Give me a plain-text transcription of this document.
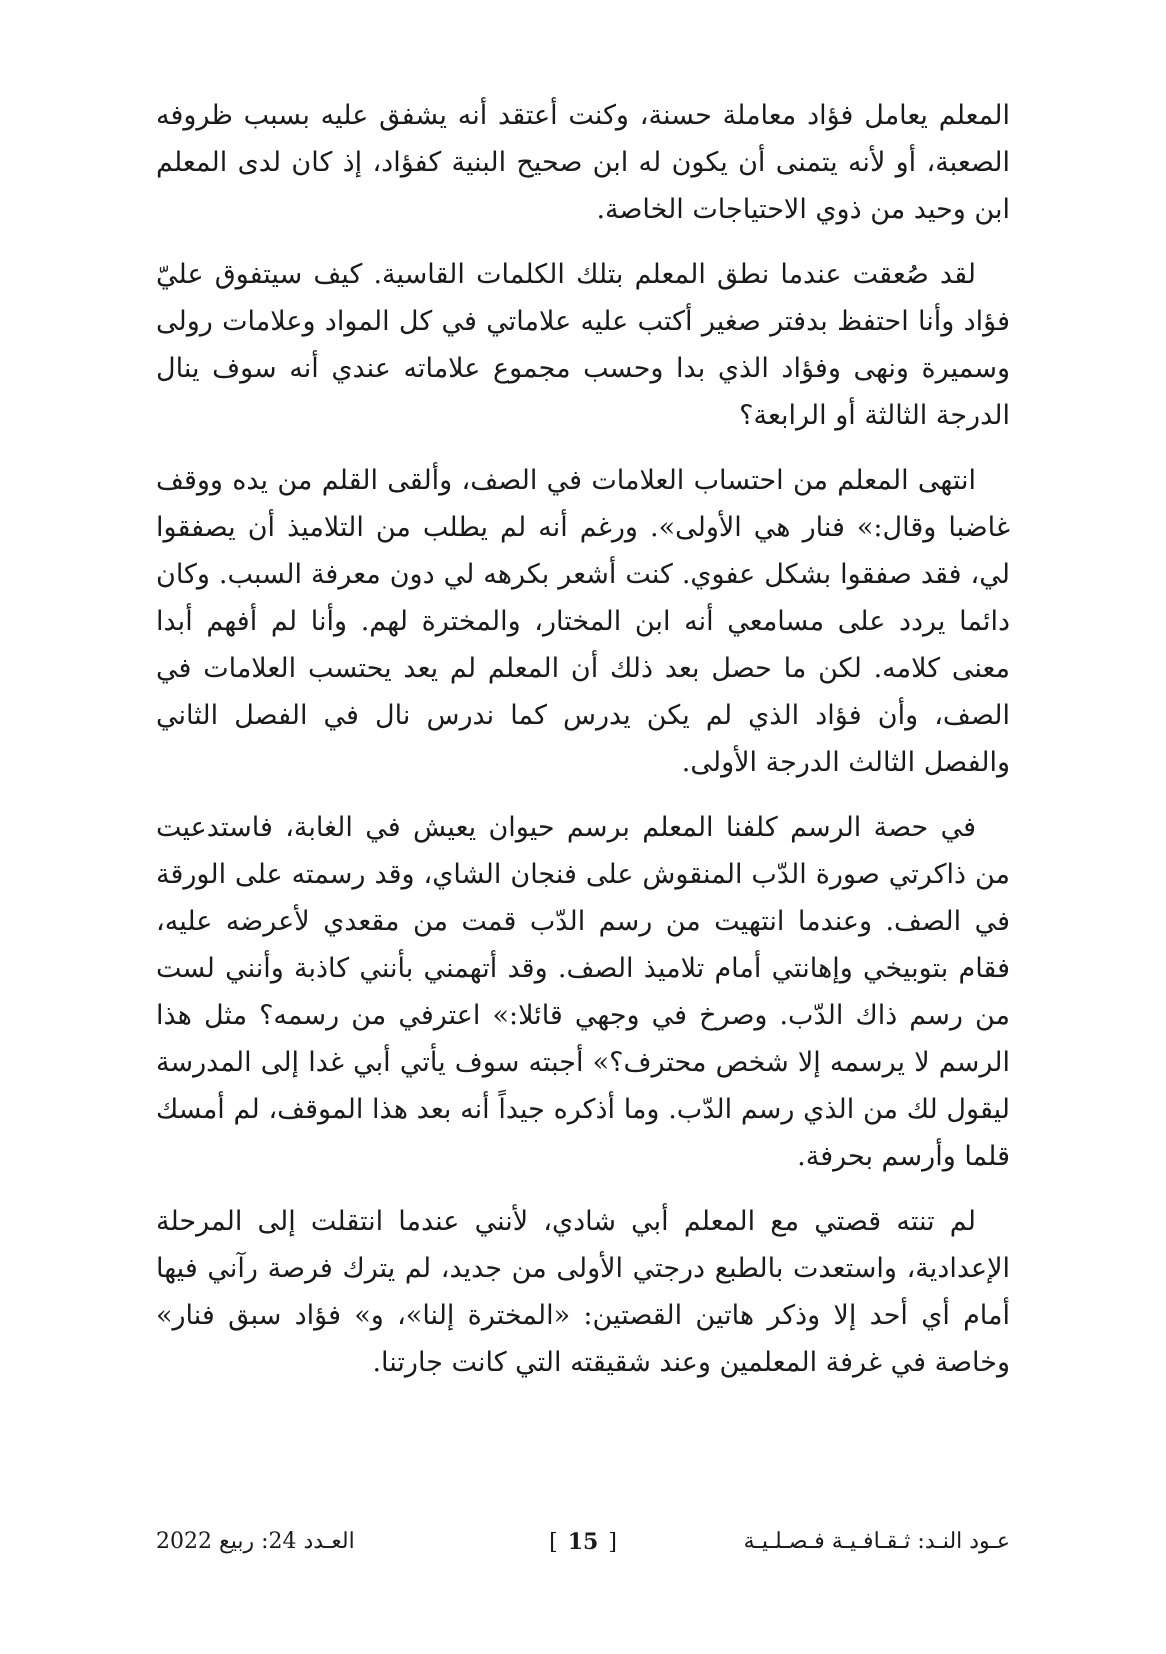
المعلم يعامل فؤاد معاملة حسنة، وكنت أعتقد أنه يشفق عليه بسبب ظروفه الصعبة، أو لأنه يتمنى أن يكون له ابن صحيح البنية كفؤاد، إذ كان لدى المعلم ابن وحيد من ذوي الاحتياجات الخاصة.

لقد صُعقت عندما نطق المعلم بتلك الكلمات القاسية. كيف سيتفوق عليّ فؤاد وأنا احتفظ بدفتر صغير أكتب عليه علاماتي في كل المواد وعلامات رولى وسميرة ونهى وفؤاد الذي بدا وحسب مجموع علاماته عندي أنه سوف ينال الدرجة الثالثة أو الرابعة؟

انتهى المعلم من احتساب العلامات في الصف، وألقى القلم من يده ووقف غاضبا وقال:» فنار هي الأولى». ورغم أنه لم يطلب من التلاميذ أن يصفقوا لي، فقد صفقوا بشكل عفوي. كنت أشعر بكرهه لي دون معرفة السبب. وكان دائما يردد على مسامعي أنه ابن المختار، والمخترة لهم. وأنا لم أفهم أبدا معنى كلامه. لكن ما حصل بعد ذلك أن المعلم لم يعد يحتسب العلامات في الصف، وأن فؤاد الذي لم يكن يدرس كما ندرس نال في الفصل الثاني والفصل الثالث الدرجة الأولى.

في حصة الرسم كلفنا المعلم برسم حيوان يعيش في الغابة، فاستدعيت من ذاكرتي صورة الدّب المنقوش على فنجان الشاي، وقد رسمته على الورقة في الصف. وعندما انتهيت من رسم الدّب قمت من مقعدي لأعرضه عليه، فقام بتوبيخي وإهانتي أمام تلاميذ الصف. وقد أتهمني بأنني كاذبة وأنني لست من رسم ذاك الدّب. وصرخ في وجهي قائلا:» اعترفي من رسمه؟ مثل هذا الرسم لا يرسمه إلا شخص محترف؟» أجبته سوف يأتي أبي غدا إلى المدرسة ليقول لك من الذي رسم الدّب. وما أذكره جيداً أنه بعد هذا الموقف، لم أمسك قلما وأرسم بحرفة.

لم تنته قصتي مع المعلم أبي شادي، لأنني عندما انتقلت إلى المرحلة الإعدادية، واستعدت بالطبع درجتي الأولى من جديد، لم يترك فرصة رآني فيها أمام أي أحد إلا وذكر هاتين القصتين: «المخترة إلنا»، و» فؤاد سبق فنار» وخاصة في غرفة المعلمين وعند شقيقته التي كانت جارتنا.

عـود النـد: ثـقـافـيـة فـصـلـيـة
[ 15 ]
العـدد 24: ربيع 2022
